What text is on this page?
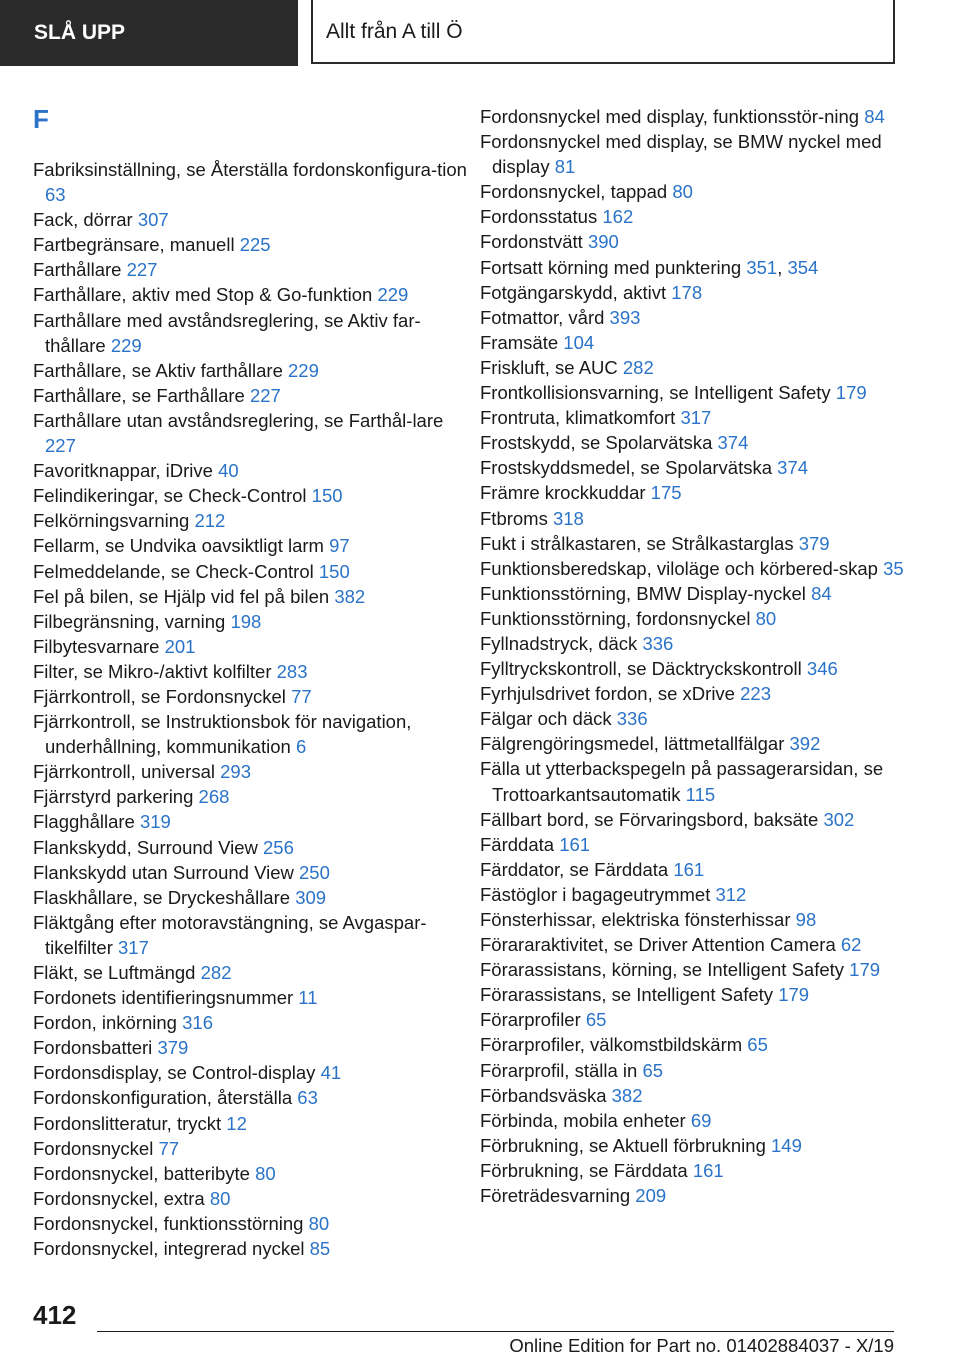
SLÅ UPP	Allt från A till Ö
F
Fabriksinställning, se Återställa fordonskonfigura‐tion 63
Fack, dörrar 307
Fartbegränsare, manuell 225
Farthållare 227
Farthållare, aktiv med Stop & Go-funktion 229
Farthållare med avståndsreglering, se Aktiv far‐thållare 229
Farthållare, se Aktiv farthållare 229
Farthållare, se Farthållare 227
Farthållare utan avståndsreglering, se Farthål‐lare 227
Favoritknappar, iDrive 40
Felindikeringar, se Check-Control 150
Felkörningsvarning 212
Fellarm, se Undvika oavsiktligt larm 97
Felmeddelande, se Check-Control 150
Fel på bilen, se Hjälp vid fel på bilen 382
Filbegränsning, varning 198
Filbytesvarnare 201
Filter, se Mikro-/aktivt kolfilter 283
Fjärrkontroll, se Fordonsnyckel 77
Fjärrkontroll, se Instruktionsbok för navigation, underhållning, kommunikation 6
Fjärrkontroll, universal 293
Fjärrstyrd parkering 268
Flagghållare 319
Flankskydd, Surround View 256
Flankskydd utan Surround View 250
Flaskhållare, se Dryckeshållare 309
Fläktgång efter motoravstängning, se Avgaspar‐tikelfilter 317
Fläkt, se Luftmängd 282
Fordonets identifieringsnummer 11
Fordon, inkörning 316
Fordonsbatteri 379
Fordonsdisplay, se Control-display 41
Fordonskonfiguration, återställa 63
Fordonslitteratur, tryckt 12
Fordonsnyckel 77
Fordonsnyckel, batteribyte 80
Fordonsnyckel, extra 80
Fordonsnyckel, funktionsstörning 80
Fordonsnyckel, integrerad nyckel 85
Fordonsnyckel med display, funktionsstör‐ning 84
Fordonsnyckel med display, se BMW nyckel med display 81
Fordonsnyckel, tappad 80
Fordonsstatus 162
Fordonstvätt 390
Fortsatt körning med punktering 351, 354
Fotgängarskydd, aktivt 178
Fotmattor, vård 393
Framsäte 104
Friskluft, se AUC 282
Frontkollisionsvarning, se Intelligent Safety 179
Frontruta, klimatkomfort 317
Frostskydd, se Spolarvätska 374
Frostskyddsmedel, se Spolarvätska 374
Främre krockkuddar 175
Ftbroms 318
Fukt i strålkastaren, se Strålkastarglas 379
Funktionsberedskap, viloläge och körbered‐skap 35
Funktionsstörning, BMW Display-nyckel 84
Funktionsstörning, fordonsnyckel 80
Fyllnadstryck, däck 336
Fylltryckskontroll, se Däcktryckskontroll 346
Fyrhjulsdrivet fordon, se xDrive 223
Fälgar och däck 336
Fälgrengöringsmedel, lättmetallfälgar 392
Fälla ut ytterbackspegeln på passagerarsidan, se Trottoarkantsautomatik 115
Fällbart bord, se Förvaringsbord, baksäte 302
Färddata 161
Färddator, se Färddata 161
Fästöglor i bagageutrymmet 312
Fönsterhissar, elektriska fönsterhissar 98
Förararaktivitet, se Driver Attention Camera 62
Förarassistans, körning, se Intelligent Safety 179
Förarassistans, se Intelligent Safety 179
Förarprofiler 65
Förarprofiler, välkomstbildskärm 65
Förarprofil, ställa in 65
Förbandsväska 382
Förbinda, mobila enheter 69
Förbrukning, se Aktuell förbrukning 149
Förbrukning, se Färddata 161
Företrädesvarning 209
412
Online Edition for Part no. 01402884037 - X/19
